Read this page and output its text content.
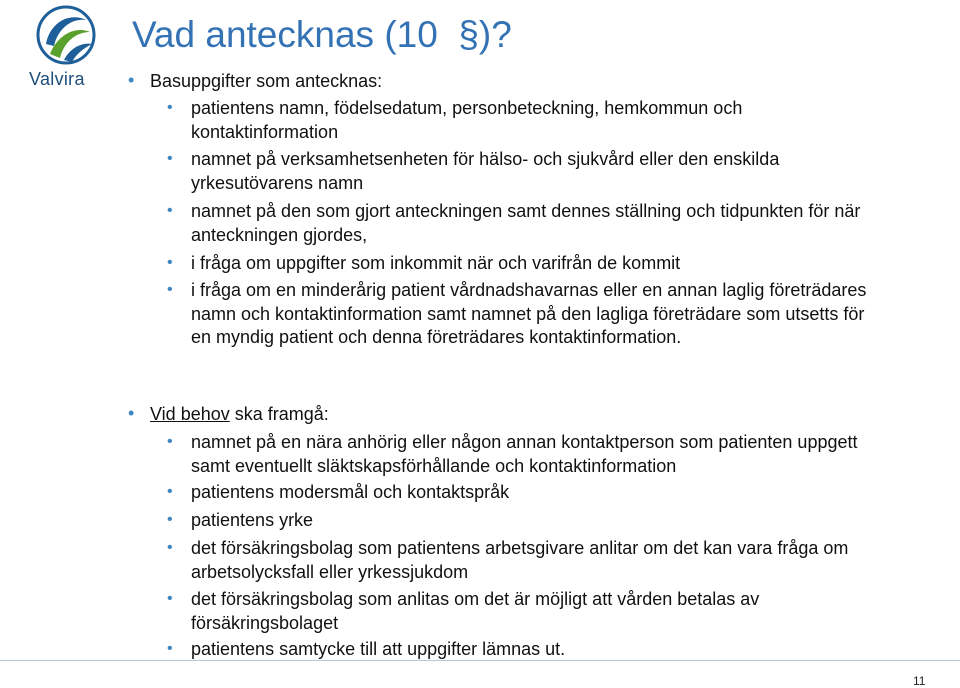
Valvira
Vad antecknas (10  §)?
• Basuppgifter som antecknas:
• patientens namn, födelsedatum, personbeteckning, hemkommun och kontaktinformation
• namnet på verksamhetsenheten för hälso- och sjukvård eller den enskilda yrkesutövarens namn
• namnet på den som gjort anteckningen samt dennes ställning och tidpunkten för när anteckningen gjordes,
• i fråga om uppgifter som inkommit när och varifrån de kommit
• i fråga om en minderårig patient vårdnadshavarnas eller en annan laglig företrädares namn och kontaktinformation samt namnet på den lagliga företrädare som utsetts för en myndig patient och denna företrädares kontaktinformation.
• Vid behov ska framgå:
• namnet på en nära anhörig eller någon annan kontaktperson som patienten uppgett samt eventuellt släktskapsförhållande och kontaktinformation
• patientens modersmål och kontaktspråk
• patientens yrke
• det försäkringsbolag som patientens arbetsgivare anlitar om det kan vara fråga om arbetsolycksfall eller yrkessjukdom
• det försäkringsbolag som anlitas om det är möjligt att vården betalas av försäkringsbolaget
• patientens samtycke till att uppgifter lämnas ut.
11
